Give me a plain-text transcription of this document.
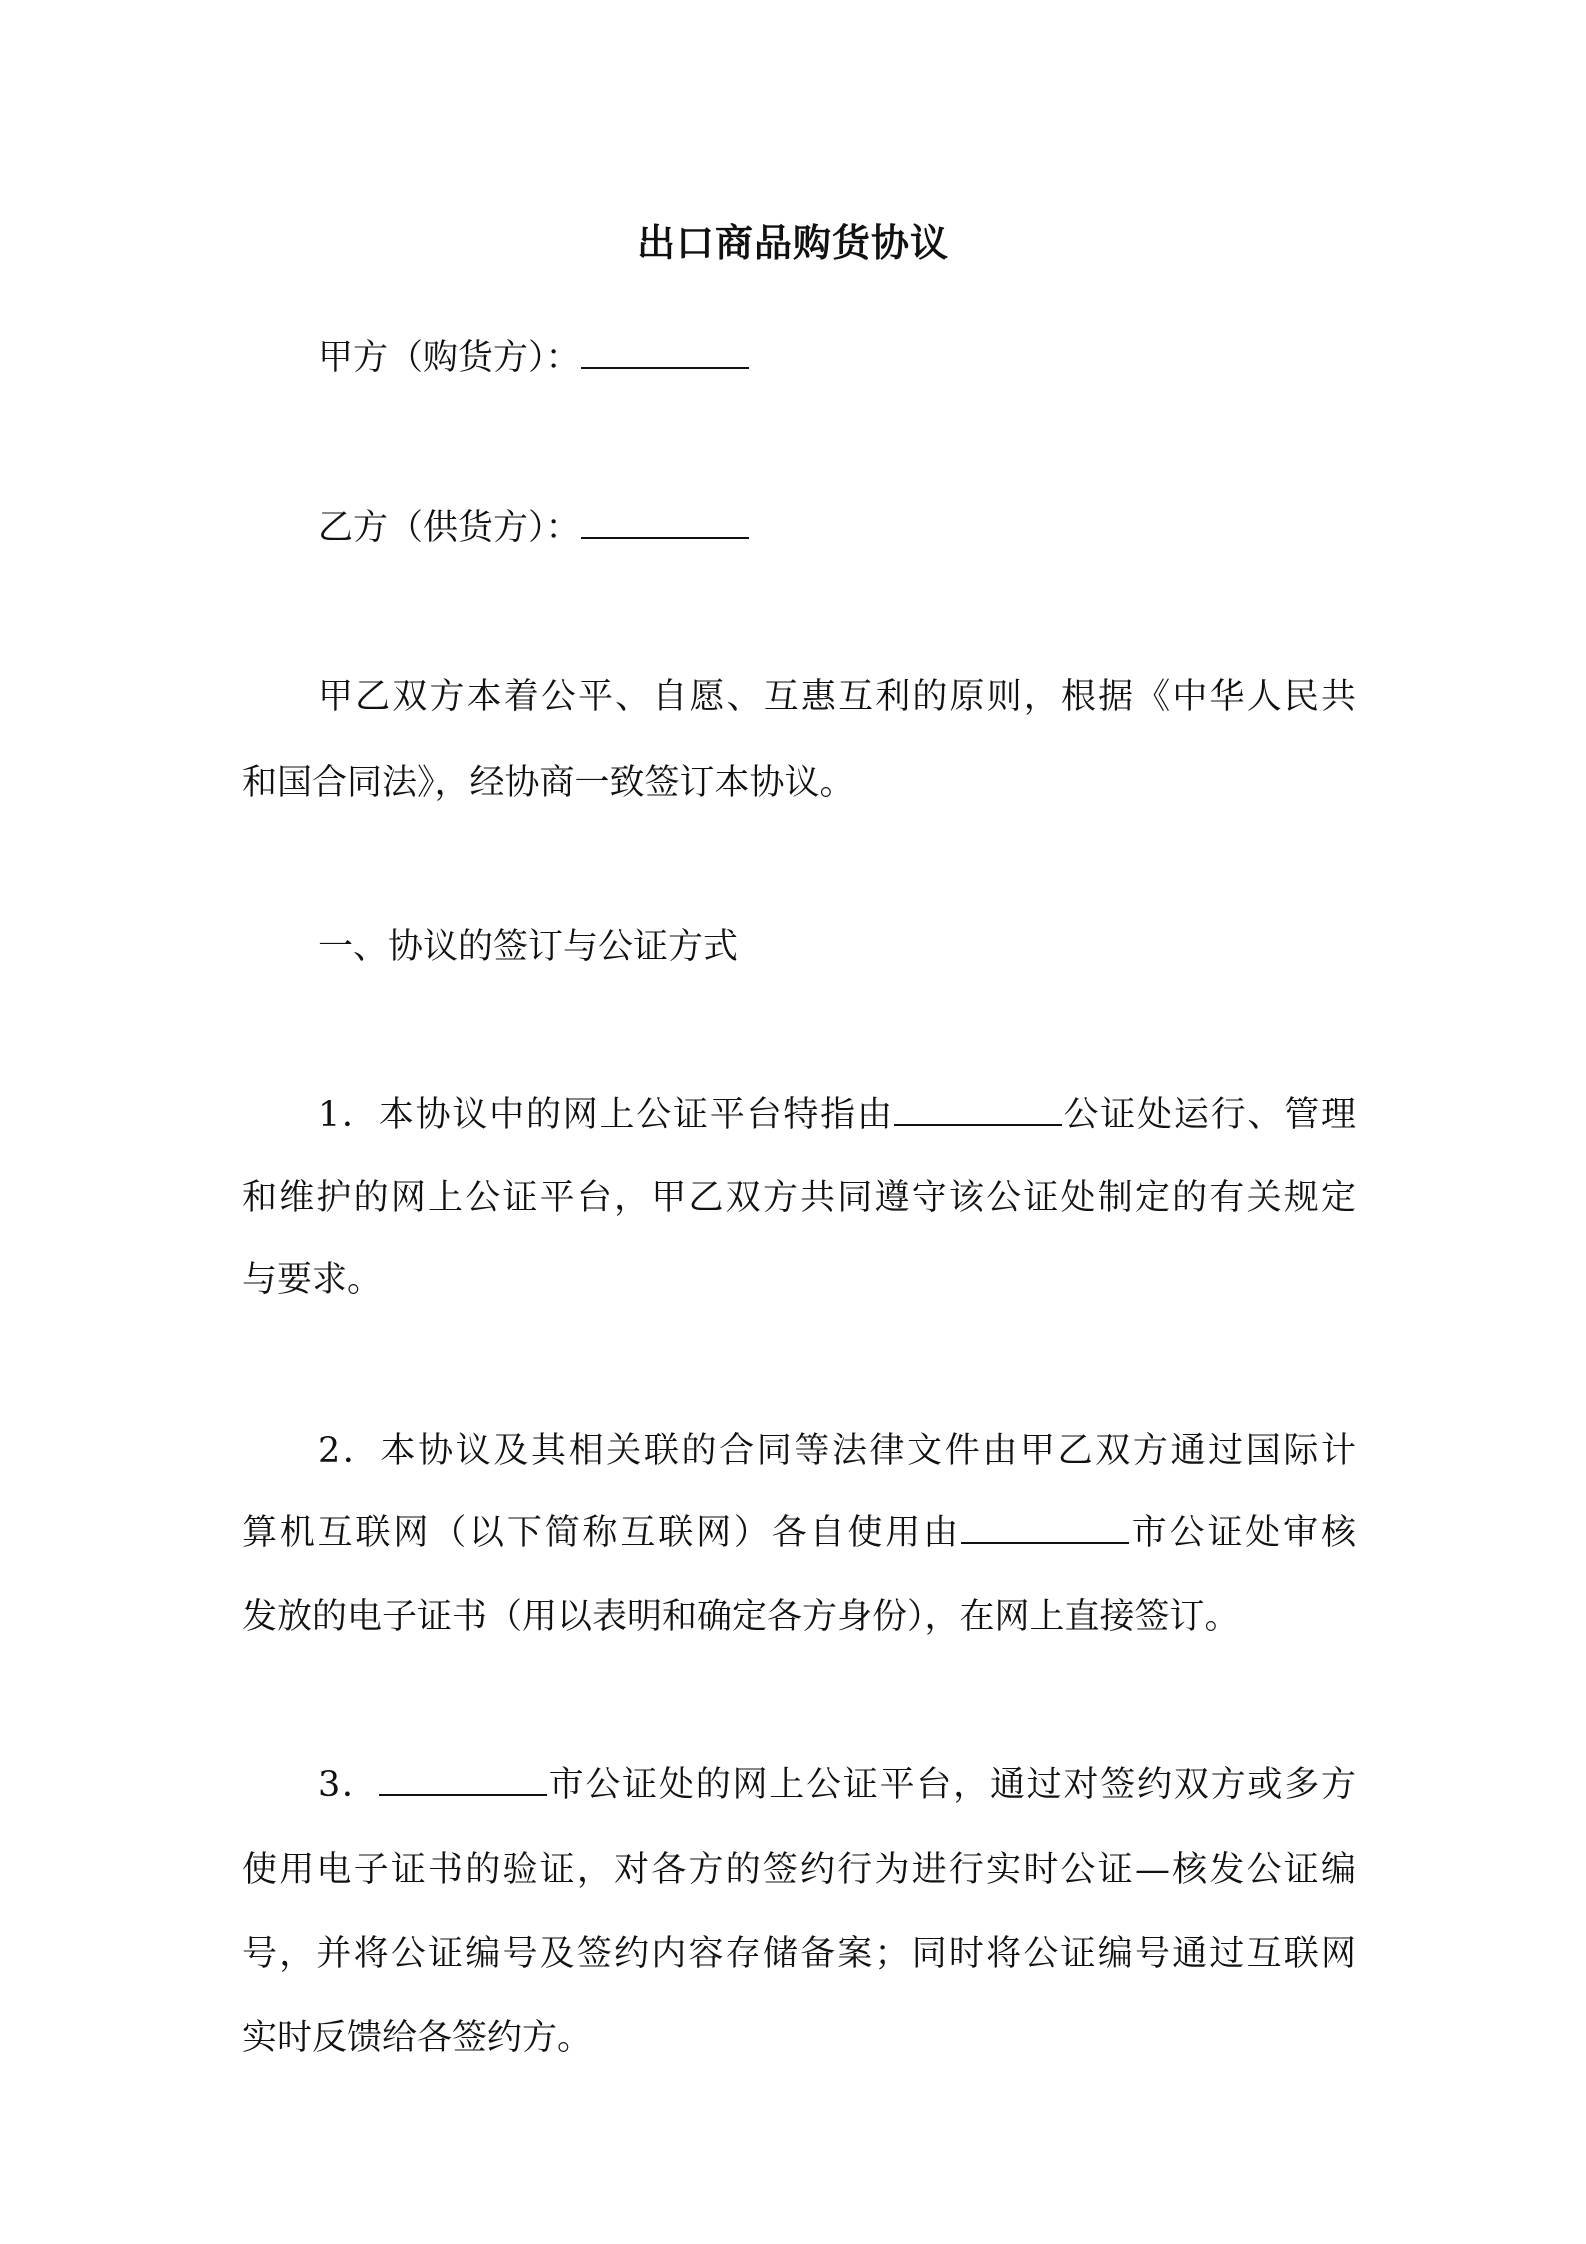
出口商品购货协议
甲方（购货方）：
乙方（供货方）：
甲乙双方本着公平、自愿、互惠互利的原则，根据《中华人民共
和国合同法》，经协商一致签订本协议。
一、协议的签订与公证方式
1．本协议中的网上公证平台特指由	公证处运行、管理
和维护的网上公证平台，甲乙双方共同遵守该公证处制定的有关规定
与要求。
2．本协议及其相关联的合同等法律文件由甲乙双方通过国际计
算机互联网（以下简称互联网）各自使用由	市公证处审核
发放的电子证书（用以表明和确定各方身份），在网上直接签订。
3．	市公证处的网上公证平台，通过对签约双方或多方
使用电子证书的验证，对各方的签约行为进行实时公证—核发公证编
号，并将公证编号及签约内容存储备案；同时将公证编号通过互联网
实时反馈给各签约方。
